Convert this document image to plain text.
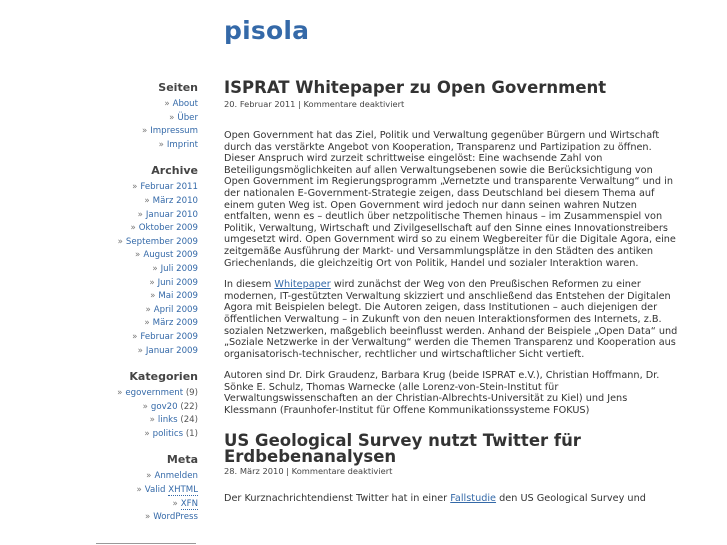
pisola
Seiten
» About
» Über
» Impressum
» Imprint
Archive
» Februar 2011
» März 2010
» Januar 2010
» Oktober 2009
» September 2009
» August 2009
» Juli 2009
» Juni 2009
» Mai 2009
» April 2009
» März 2009
» Februar 2009
» Januar 2009
Kategorien
» egovernment (9)
» gov20 (22)
» links (24)
» politics (1)
Meta
» Anmelden
» Valid XHTML
» XFN
» WordPress
ISPRAT Whitepaper zu Open Government
20. Februar 2011 | Kommentare deaktiviert

Open Government hat das Ziel, Politik und Verwaltung gegenüber Bürgern und Wirtschaft durch das verstärkte Angebot von Kooperation, Transparenz und Partizipation zu öffnen. Dieser Anspruch wird zurzeit schrittweise eingelöst: Eine wachsende Zahl von Beteiligungsmöglichkeiten auf allen Verwaltungsebenen sowie die Berücksichtigung von Open Government im Regierungsprogramm „Vernetzte und transparente Verwaltung“ und in der nationalen E-Government-Strategie zeigen, dass Deutschland bei diesem Thema auf einem guten Weg ist. Open Government wird jedoch nur dann seinen wahren Nutzen entfalten, wenn es – deutlich über netzpolitische Themen hinaus – im Zusammenspiel von Politik, Verwaltung, Wirtschaft und Zivilgesellschaft auf den Sinne eines Innovationstreibers umgesetzt wird. Open Government wird so zu einem Wegbereiter für die Digitale Agora, eine zeitgemäße Ausführung der Markt- und Versammlungsplätze in den Städten des antiken Griechenlands, die gleichzeitig Ort von Politik, Handel und sozialer Interaktion waren.

In diesem Whitepaper wird zunächst der Weg von den Preußischen Reformen zu einer modernen, IT-gestützten Verwaltung skizziert und anschließend das Entstehen der Digitalen Agora mit Beispielen belegt. Die Autoren zeigen, dass Institutionen – auch diejenigen der öffentlichen Verwaltung – in Zukunft von den neuen Interaktionsformen des Internets, z.B. sozialen Netzwerken, maßgeblich beeinflusst werden. Anhand der Beispiele „Open Data“ und „Soziale Netzwerke in der Verwaltung“ werden die Themen Transparenz und Kooperation aus organisatorisch-technischer, rechtlicher und wirtschaftlicher Sicht vertieft.

Autoren sind Dr. Dirk Graudenz, Barbara Krug (beide ISPRAT e.V.), Christian Hoffmann, Dr. Sönke E. Schulz, Thomas Warnecke (alle Lorenz-von-Stein-Institut für Verwaltungswissenschaften an der Christian-Albrechts-Universität zu Kiel) und Jens Klessmann (Fraunhofer-Institut für Offene Kommunikationssysteme FOKUS)

US Geological Survey nutzt Twitter für Erdbebenanalysen
28. März 2010 | Kommentare deaktiviert

Der Kurznachrichtendienst Twitter hat in einer Fallstudie den US Geological Survey und
